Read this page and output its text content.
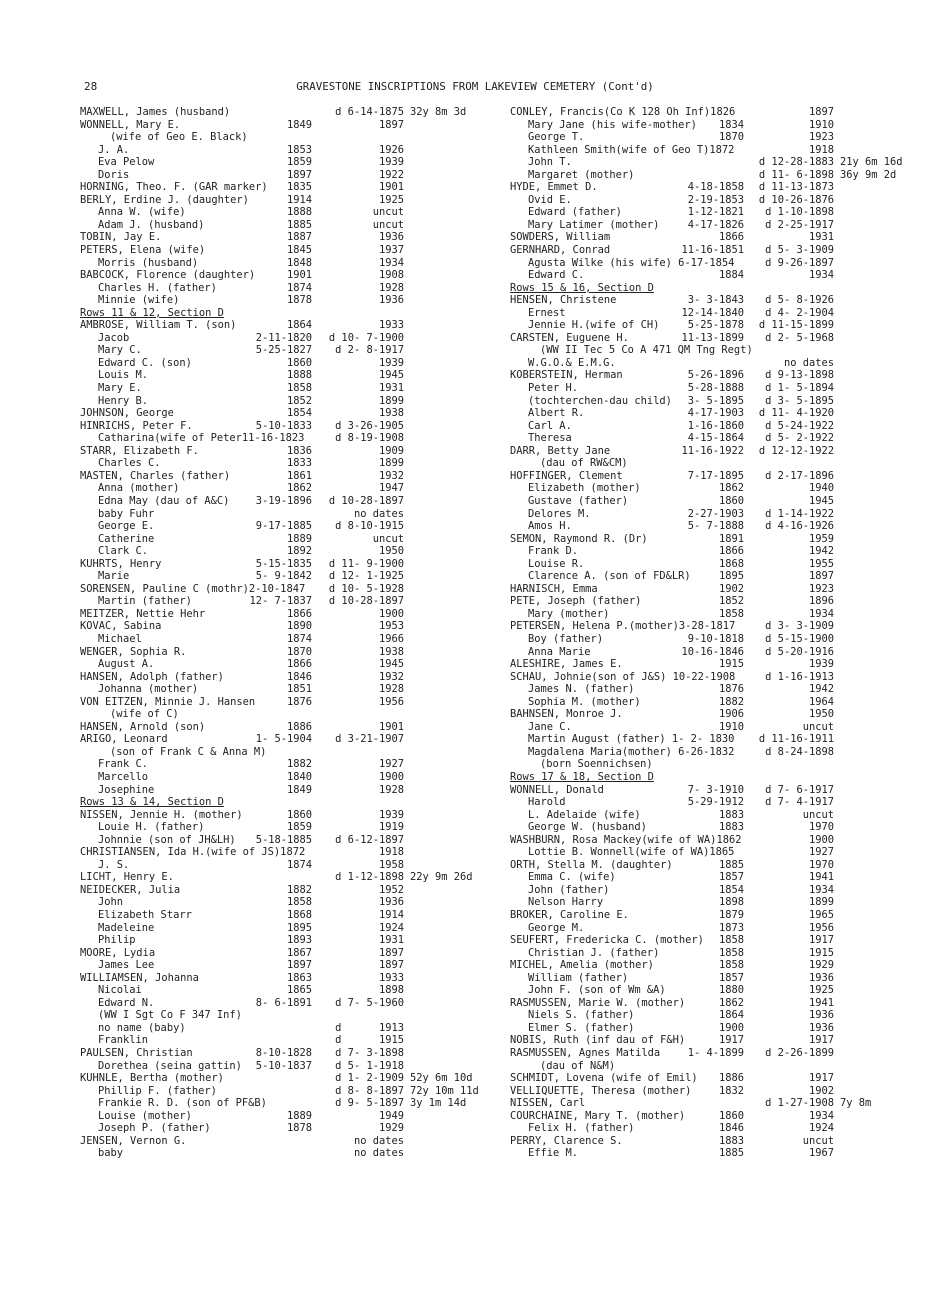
28	GRAVESTONE INSCRIPTIONS FROM LAKEVIEW CEMETERY (Cont'd)
MAXWELL, James (husband)	d 6-14-1875 32y 8m 3d
WONNELL, Mary E.	1849	1897
(wife of Geo E. Black)
J. A.	1853	1926
Eva Pelow	1859	1939
Doris	1897	1922
HORNING, Theo. F. (GAR marker)	1835	1901
BERLY, Erdine J. (daughter)	1914	1925
Anna W. (wife)	1888	uncut
Adam J. (husband)	1885	uncut
TOBIN, Jay E.	1887	1936
PETERS, Elena (wife)	1845	1937
Morris (husband)	1848	1934
BABCOCK, Florence (daughter)	1901	1908
Charles H. (father)	1874	1928
Minnie (wife)	1878	1936
Rows 11 & 12, Section D
AMBROSE, William T. (son)	1864	1933
Jacob	2-11-1820	d 10- 7-1900
Mary C.	5-25-1827	d 2- 8-1917
Edward C. (son)	1860	1939
Louis M.	1888	1945
Mary E.	1858	1931
Henry B.	1852	1899
JOHNSON, George	1854	1938
HINRICHS, Peter F.	5-10-1833	d 3-26-1905
Catharina(wife of Peter11-16-1823	d 8-19-1908
STARR, Elizabeth F.	1836	1909
Charles C.	1833	1899
MASTEN, Charles (father)	1861	1932
Anna (mother)	1862	1947
Edna May (dau of A&C)	3-19-1896	d 10-28-1897
baby Fuhr	no dates
George E.	9-17-1885	d 8-10-1915
Catherine	1889	uncut
Clark C.	1892	1950
KUHRTS, Henry	5-15-1835	d 11- 9-1900
Marie	5- 9-1842	d 12- 1-1925
SORENSEN, Pauline C (mothr)2-10-1847	d 10- 5-1928
Martin (father)	12- 7-1837	d 10-28-1897
MEITZER, Nettie Hehr	1866	1900
KOVAC, Sabina	1890	1953
Michael	1874	1966
WENGER, Sophia R.	1870	1938
August A.	1866	1945
HANSEN, Adolph (father)	1846	1932
Johanna (mother)	1851	1928
VON EITZEN, Minnie J. Hansen	1876	1956
(wife of C)
HANSEN, Arnold (son)	1886	1901
ARIGO, Leonard	1- 5-1904	d 3-21-1907
(son of Frank C & Anna M)
Frank C.	1882	1927
Marcello	1840	1900
Josephine	1849	1928
Rows 13 & 14, Section D
NISSEN, Jennie H. (mother)	1860	1939
Louie H. (father)	1859	1919
Johnnie (son of JH&LH)	5-18-1885	d 6-12-1897
CHRISTIANSEN, Ida H.(wife of JS)1872	1918
J. S.	1874	1958
LICHT, Henry E.	d 1-12-1898 22y 9m 26d
NEIDECKER, Julia	1882	1952
John	1858	1936
Elizabeth Starr	1868	1914
Madeleine	1895	1924
Philip	1893	1931
MOORE, Lydia	1867	1897
James Lee	1897	1897
WILLIAMSEN, Johanna	1863	1933
Nicolai	1865	1898
Edward N.	8- 6-1891	d 7- 5-1960
(WW I Sgt Co F 347 Inf)
no name (baby)	d      1913
Franklin	d      1915
PAULSEN, Christian	8-10-1828	d 7- 3-1898
Dorethea (seina gattin)	5-10-1837	d 5- 1-1918
KUHNLE, Bertha (mother)	d 1- 2-1909 52y 6m 10d
Phillip F. (father)	d 8- 8-1897 72y 10m 11d
Frankie R. D. (son of PF&B)	d 9- 5-1897 3y 1m 14d
Louise (mother)	1889	1949
Joseph P. (father)	1878	1929
JENSEN, Vernon G.	no dates
baby	no dates
CONLEY, Francis(Co K 128 Oh Inf)1826	1897
Mary Jane (his wife-mother)	1834	1910
George T.	1870	1923
Kathleen Smith(wife of Geo T)1872	1918
John T.	d 12-28-1883 21y 6m 16d
Margaret (mother)	d 11- 6-1898 36y 9m 2d
HYDE, Emmet D.	4-18-1858	d 11-13-1873
Ovid E.	2-19-1853	d 10-26-1876
Edward (father)	1-12-1821	d 1-10-1898
Mary Latimer (mother)	4-17-1826	d 2-25-1917
SOWDERS, William	1866	1931
GERNHARD, Conrad	11-16-1851	d 5- 3-1909
Agusta Wilke (his wife) 6-17-1854	d 9-26-1897
Edward C.	1884	1934
Rows 15 & 16, Section D
HENSEN, Christene	3- 3-1843	d 5- 8-1926
Ernest	12-14-1840	d 4- 2-1904
Jennie H.(wife of CH)	5-25-1878	d 11-15-1899
CARSTEN, Euguene H.	11-13-1899	d 2- 5-1968
(WW II Tec 5 Co A 471 QM Tng Regt)
W.G.O.& E.M.G.	no dates
KOBERSTEIN, Herman	5-26-1896	d 9-13-1898
Peter H.	5-28-1888	d 1- 5-1894
(tochterchen-dau child)	3- 5-1895	d 3- 5-1895
Albert R.	4-17-1903	d 11- 4-1920
Carl A.	1-16-1860	d 5-24-1922
Theresa	4-15-1864	d 5- 2-1922
DARR, Betty Jane	11-16-1922	d 12-12-1922
(dau of RW&CM)
HOFFINGER, Clement	7-17-1895	d 2-17-1896
Elizabeth (mother)	1862	1940
Gustave (father)	1860	1945
Delores M.	2-27-1903	d 1-14-1922
Amos H.	5- 7-1888	d 4-16-1926
SEMON, Raymond R. (Dr)	1891	1959
Frank D.	1866	1942
Louise R.	1868	1955
Clarence A. (son of FD&LR)	1895	1897
HARNISCH, Emma	1902	1923
PETE, Joseph (father)	1852	1896
Mary (mother)	1858	1934
PETERSEN, Helena P.(mother)3-28-1817	d 3- 3-1909
Boy (father)	9-10-1818	d 5-15-1900
Anna Marie	10-16-1846	d 5-20-1916
ALESHIRE, James E.	1915	1939
SCHAU, Johnie(son of J&S) 10-22-1908	d 1-16-1913
James N. (father)	1876	1942
Sophia M. (mother)	1882	1964
BAHNSEN, Monroe J.	1906	1950
Jane C.	1910	uncut
Martin August (father) 1- 2- 1830	d 11-16-1911
Magdalena Maria(mother) 6-26-1832	d 8-24-1898
(born Soennichsen)
Rows 17 & 18, Section D
WONNELL, Donald	7- 3-1910	d 7- 6-1917
Harold	5-29-1912	d 7- 4-1917
L. Adelaide (wife)	1883	uncut
George W. (husband)	1883	1970
WASHBURN, Rosa Mackey(wife of WA)1862	1900
Lottie B. Wonnell(wife of WA)1865	1927
ORTH, Stella M. (daughter)	1885	1970
Emma C. (wife)	1857	1941
John (father)	1854	1934
Nelson Harry	1898	1899
BROKER, Caroline E.	1879	1965
George M.	1873	1956
SEUFERT, Fredericka C. (mother)	1858	1917
Christian J. (father)	1858	1915
MICHEL, Amelia (mother)	1858	1929
William (father)	1857	1936
John F. (son of Wm &A)	1880	1925
RASMUSSEN, Marie W. (mother)	1862	1941
Niels S. (father)	1864	1936
Elmer S. (father)	1900	1936
NOBIS, Ruth (inf dau of F&H)	1917	1917
RASMUSSEN, Agnes Matilda	1- 4-1899	d 2-26-1899
(dau of N&M)
SCHMIDT, Lovena (wife of Emil)	1886	1917
VELLIQUETTE, Theresa (mother)	1832	1902
NISSEN, Carl	d 1-27-1908 7y 8m
COURCHAINE, Mary T. (mother)	1860	1934
Felix H. (father)	1846	1924
PERRY, Clarence S.	1883	uncut
Effie M.	1885	1967
